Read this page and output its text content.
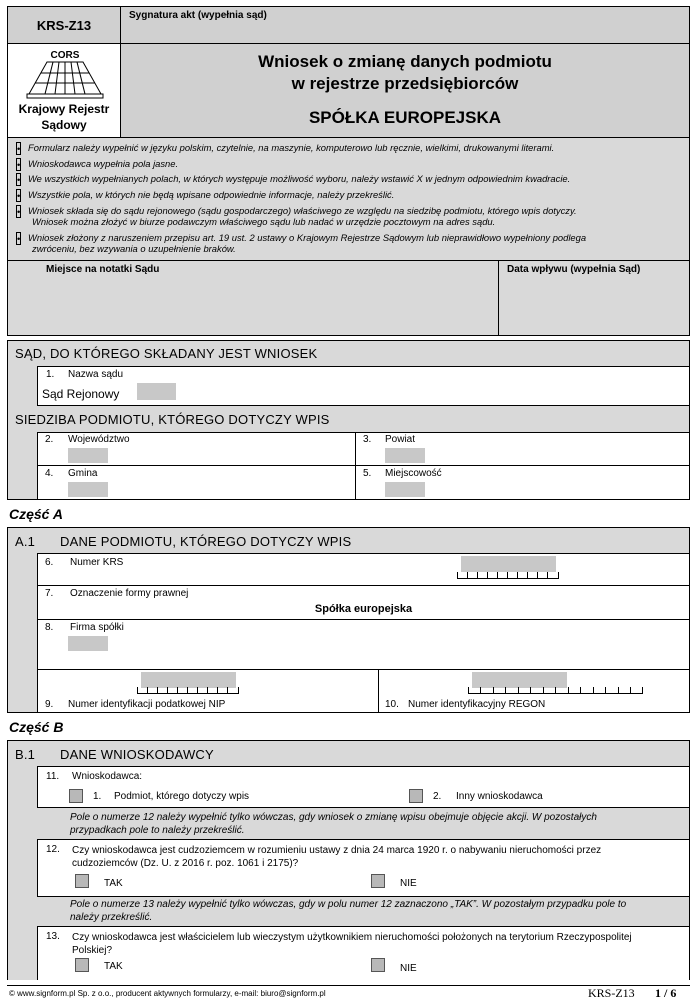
KRS-Z13
Sygnatura akt (wypełnia sąd)
CORS
Krajowy Rejestr
Sądowy
Wniosek o zmianę danych podmiotu
w rejestrze przedsiębiorców
SPÓŁKA EUROPEJSKA
• Formularz należy wypełnić w języku polskim, czytelnie, na maszynie, komputerowo lub ręcznie, wielkimi, drukowanymi literami.
• Wnioskodawca wypełnia pola jasne.
• We wszystkich wypełnianych polach, w których występuje możliwość wyboru, należy wstawić X w jednym odpowiednim kwadracie.
• Wszystkie pola, w których nie będą wpisane odpowiednie informacje, należy przekreślić.
• Wniosek składa się do sądu rejonowego (sądu gospodarczego) właściwego ze względu na siedzibę podmiotu, którego wpis dotyczy.
Wniosek można złożyć w biurze podawczym właściwego sądu lub nadać w urzędzie pocztowym na adres sądu.
• Wniosek złożony z naruszeniem przepisu art. 19 ust. 2 ustawy o Krajowym Rejestrze Sądowym lub nieprawidłowo wypełniony podlega
zwróceniu, bez wzywania o uzupełnienie braków.
Miejsce na notatki Sądu	Data wpływu (wypełnia Sąd)
SĄD, DO KTÓREGO SKŁADANY JEST WNIOSEK
1. Nazwa sądu
Sąd Rejonowy
SIEDZIBA PODMIOTU, KTÓREGO DOTYCZY WPIS
2. Województwo	3. Powiat
4. Gmina	5. Miejscowość
Część A
A.1 DANE PODMIOTU, KTÓREGO DOTYCZY WPIS
6. Numer KRS
7. Oznaczenie formy prawnej
Spółka europejska
8. Firma spółki
9. Numer identyfikacji podatkowej NIP	10. Numer identyfikacyjny REGON
Część B
B.1 DANE WNIOSKODAWCY
11. Wnioskodawca:
1. Podmiot, którego dotyczy wpis	2. Inny wnioskodawca
Pole o numerze 12 należy wypełnić tylko wówczas, gdy wniosek o zmianę wpisu obejmuje objęcie akcji. W pozostałych
przypadkach pole to należy przekreślić.
12. Czy wnioskodawca jest cudzoziemcem w rozumieniu ustawy z dnia 24 marca 1920 r. o nabywaniu nieruchomości przez
cudzoziemców (Dz. U. z 2016 r. poz. 1061 i 2175)?
TAK	NIE
Pole o numerze 13 należy wypełnić tylko wówczas, gdy w polu numer 12 zaznaczono „TAK”. W pozostałym przypadku pole to
należy przekreślić.
13. Czy wnioskodawca jest właścicielem lub wieczystym użytkownikiem nieruchomości położonych na terytorium Rzeczypospolitej
Polskiej?
TAK	NIE
© www.signform.pl Sp. z o.o., producent aktywnych formularzy, e-mail: biuro@signform.pl	KRS-Z13 1 / 6
